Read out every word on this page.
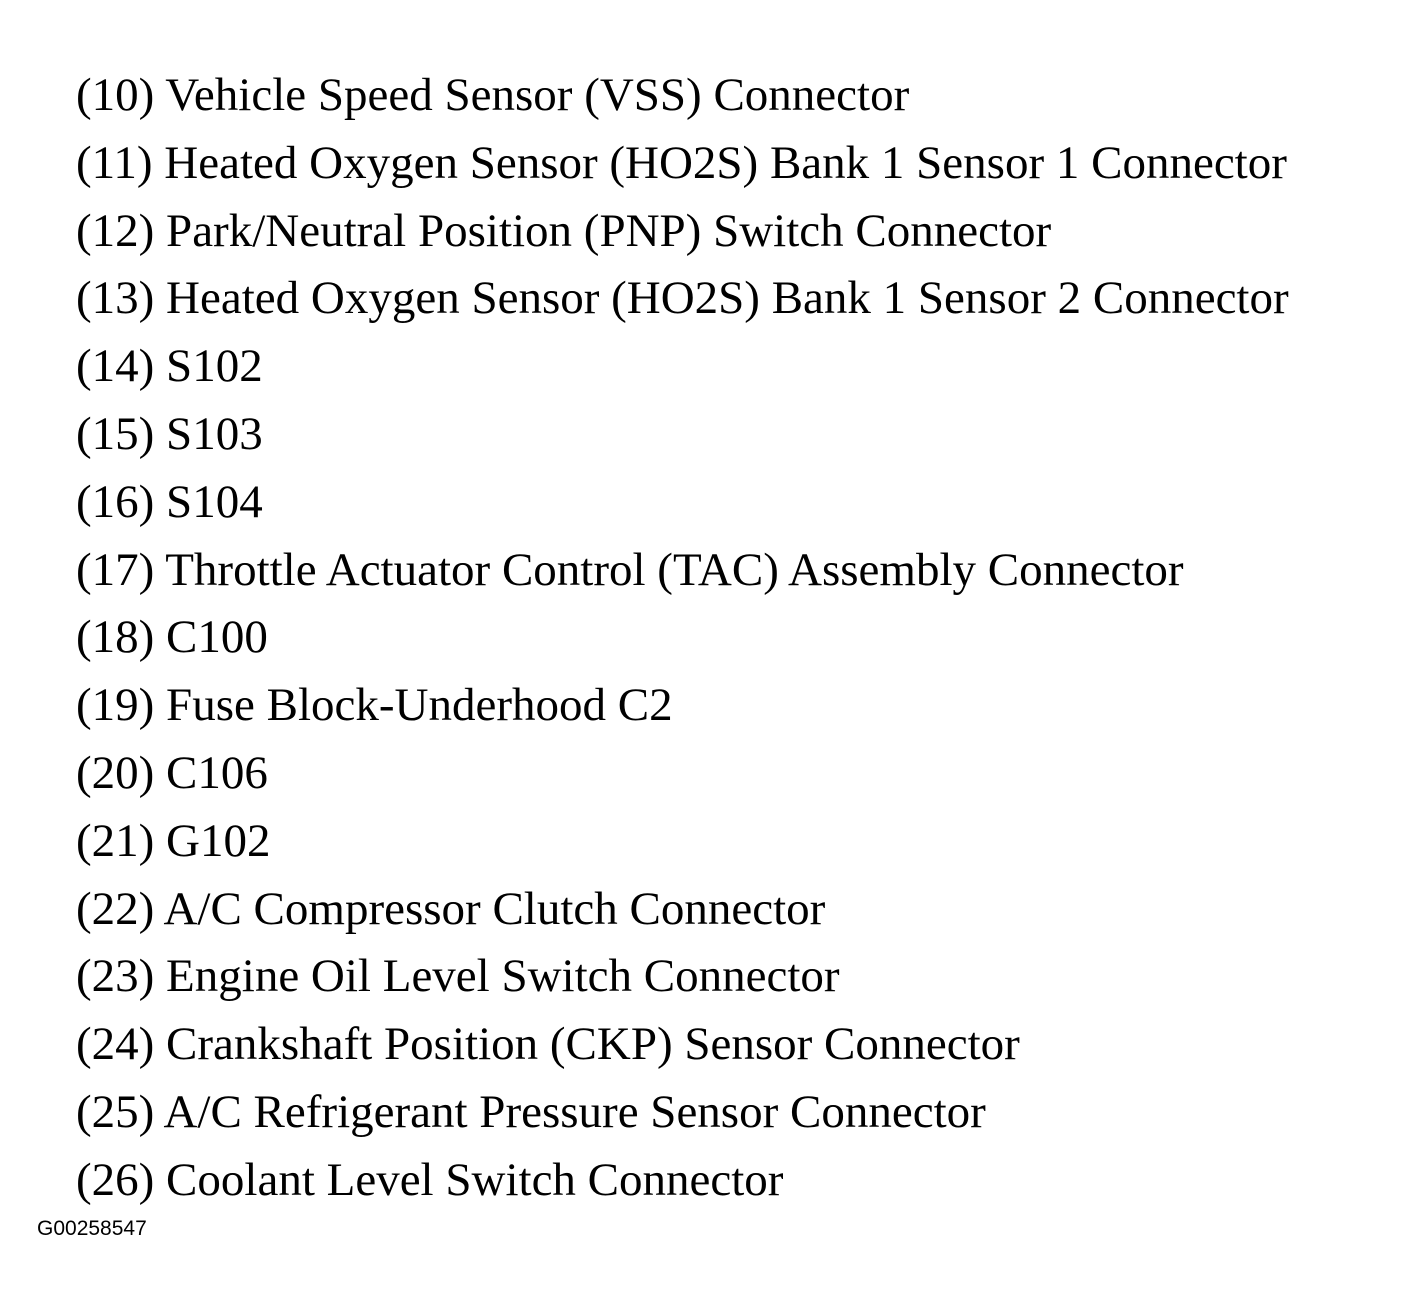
(10) Vehicle Speed Sensor (VSS) Connector
(11) Heated Oxygen Sensor (HO2S) Bank 1 Sensor 1 Connector
(12) Park/Neutral Position (PNP) Switch Connector
(13) Heated Oxygen Sensor (HO2S) Bank 1 Sensor 2 Connector
(14) S102
(15) S103
(16) S104
(17) Throttle Actuator Control (TAC) Assembly Connector
(18) C100
(19) Fuse Block-Underhood C2
(20) C106
(21) G102
(22) A/C Compressor Clutch Connector
(23) Engine Oil Level Switch Connector
(24) Crankshaft Position (CKP) Sensor Connector
(25) A/C Refrigerant Pressure Sensor Connector
(26) Coolant Level Switch Connector
G00258547
